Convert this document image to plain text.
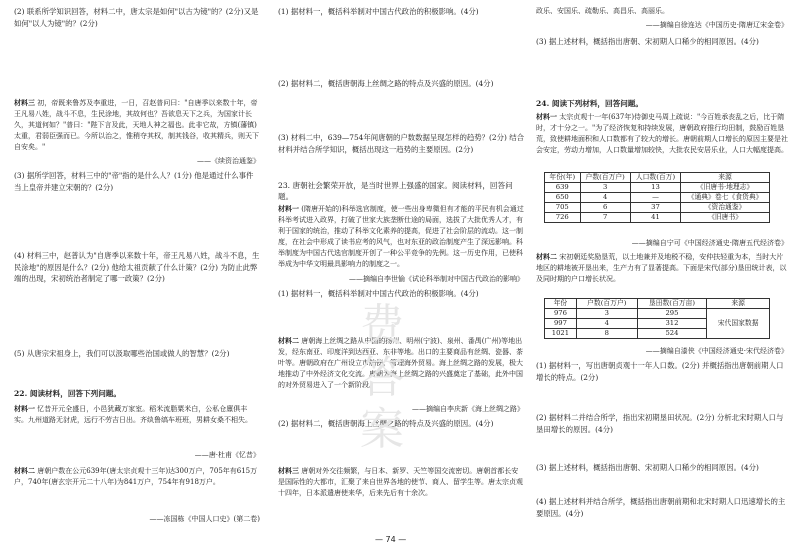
(2) 联系所学知识回答，材料二中，唐太宗是如何"以古为镜"的？(2分)又是如何"以人为镜"的？(2分)

材料三 初，帝既来鲁苏及李重进，一日，召赵普问曰："自唐季以来数十年，帝王凡易八姓，战斗不息，生民涂地，其故何也？吾欲息天下之兵，为国家计长久，其道何如？"普曰："陛下言及此，天地人神之福也。此非它故，方镇(藩镇)太重，君弱臣强而已。今所以治之，惟稍夺其权，制其钱谷，收其精兵，则天下自安矣。"

——《续资治通鉴》

(3) 据所学回答，材料三中的"帝"指的是什么人？(1分) 他是通过什么事件当上皇帝并建立宋朝的？(2分)

(4) 材料三中，赵普认为"自唐季以来数十年，帝王凡易八姓，战斗不息，生民涂地"的原因是什么？(2分) 他给太祖贡献了什么计策？(2分) 为防止此弊端的出现，宋初统治者制定了哪一政策？(2分)

(5) 从唐宗宋祖身上，我们可以汲取哪些治国或做人的智慧？(2分)

22. 阅读材料，回答下列问题。

材料一 忆昔开元全盛日，小邑犹藏万家室。稻米流脂粟米白，公私仓廪俱丰实。九州道路无豺虎，远行不劳吉日出。齐纨鲁缟车班班，男耕女桑不相失。

——唐·杜甫《忆昔》

材料二 唐朝户数在公元639年(唐太宗贞观十三年)达300万户，705年有615万户，740年(唐玄宗开元二十八年)为841万户，754年有918万户。

——冻国栋《中国人口史》(第二卷)

(1) 据材料一，概括科举制对中国古代政治的积极影响。(4分)

(2) 据材料二，概括唐朝海上丝绸之路的特点及兴盛的原因。(4分)

(3) 材料二中，639—754年间唐朝的户数数据呈现怎样的趋势？(2分) 结合材料并结合所学知识，概括出现这一趋势的主要原因。(2分)

23. 唐朝社会繁荣开放，是当时世界上强盛的国家。阅读材料，回答问题。

材料一 (隋唐开始的)科举选官制度，使一些出身卑微但有才能的平民有机会通过科举考试进入政界，打破了世家大族垄断仕途的局面，选拔了大批优秀人才，有利于国家的统治，推动了科举文化素养的提高，促进了社会阶层的流动。这一制度，在社会中形成了读书应考的风气，也对东亚的政治制度产生了深远影响。科举制度为中国古代选官制度开创了一种公平竞争的先例。这一历史作用，已使科举成为中华文明最具影响力的制度之一。

——摘编自李世愉《试论科举制对中国古代政治的影响》

(1) 据材料一，概括科举制对中国古代政治的积极影响。(4分)

材料二 唐朝海上丝绸之路从中国的扬州、明州(宁波)、泉州、番禺(广州)等地出发，经东南亚、印度洋到达西亚、东非等地。出口的主要商品有丝绸、瓷器、茶叶等。唐朝政府在广州设立市舶使，管理海外贸易。海上丝绸之路的发展，极大地推动了中外经济文化交流。唐朝为海上丝绸之路的兴盛奠定了基础，此外中国的对外贸易进入了一个新阶段。

——摘编自李庆新《海上丝绸之路》

(2) 据材料二，概括唐朝海上丝绸之路的特点及兴盛的原因。(4分)

材料三 唐朝对外交往频繁，与日本、新罗、天竺等国交流密切。唐朝首都长安是国际性的大都市，汇聚了来自世界各地的使节、商人、留学生等。唐太宗贞观十四年，日本派遣唐使来华，后来先后有十余次。

政乐、安国乐、疏勒乐、高昌乐、高丽乐。

——摘编自徐连达《中国历史·隋唐辽宋金卷》

(3) 据上述材料，概括指出唐朝、宋初期人口稀少的相同原因。(4分)

24. 阅读下列材料，回答问题。

材料一 太宗贞观十一年(637年)侍御史马周上疏说："今百姓承丧乱之后，比于隋时，才十分之一。"为了经济恢复和持续发展，唐朝政府推行均田制，鼓励百姓垦荒，致使耕地面积和人口数都有了较大的增长。唐朝前期人口增长的原因主要是社会安定，劳动力增加，人口数量增加较快，大批农民安居乐业，人口大幅度提高。

年份(年)	户数(百万户)	人口数(百万)	来源
639	3	13	《旧唐书·地理志》
650	4	—	《通典》卷七《食货典》
705	6	37	《资治通鉴》
726	7	41	《旧唐书》
——摘编自宁可《中国经济通史·隋唐五代经济卷》

材料二 宋初朝廷奖励垦荒，以土地兼并及地税不稳，安仲扶轻重为本，当时大片地区的耕地被开垦出来，生产力有了显著提高。下面是宋代(部分)垦田统计表，以及同时期的户口增长状况。

年份	户数(百万户)	垦田数(百万亩)	来源
976	3	295	宋代国家数据
997	4	312	
1021	8	524	
——摘编自漆侠《中国经济通史·宋代经济卷》

(1) 据材料一，写出唐朝贞观十一年人口数。(2分) 并概括指出唐朝前期人口增长的特点。(2分)

(2) 据材料二并结合所学，指出宋初期垦田状况。(2分) 分析北宋时期人口与垦田增长的原因。(4分)

(3) 据上述材料，概括指出唐朝、宋初期人口稀少的相同原因。(4分)

(4) 据上述材料并结合所学，概括指出唐朝前期和北宋时期人口迅速增长的主要原因。(4分)

费答案
— 74 —
